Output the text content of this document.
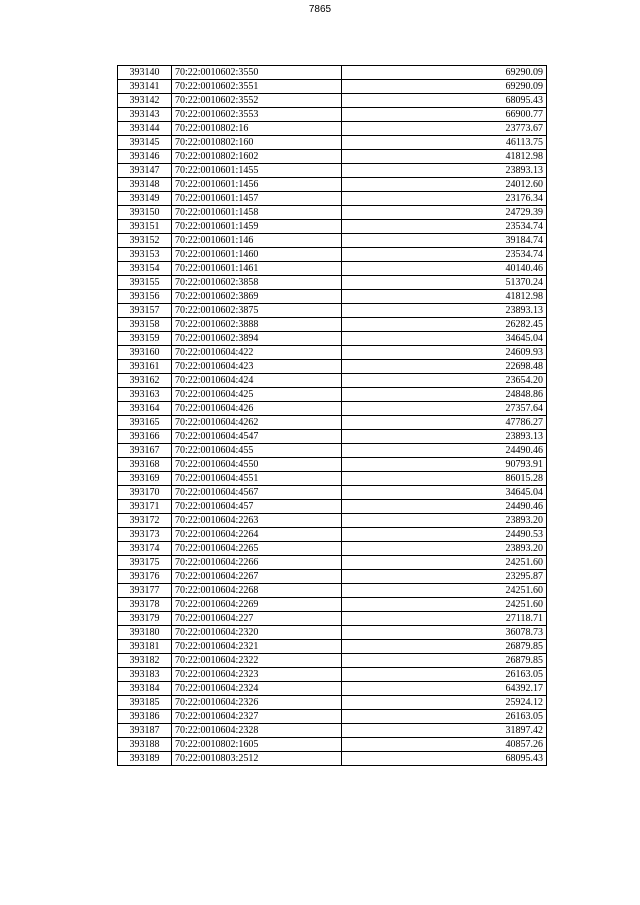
7865
393140	70:22:0010602:3550	69290.09
393141	70:22:0010602:3551	69290.09
393142	70:22:0010602:3552	68095.43
393143	70:22:0010602:3553	66900.77
393144	70:22:0010802:16	23773.67
393145	70:22:0010802:160	46113.75
393146	70:22:0010802:1602	41812.98
393147	70:22:0010601:1455	23893.13
393148	70:22:0010601:1456	24012.60
393149	70:22:0010601:1457	23176.34
393150	70:22:0010601:1458	24729.39
393151	70:22:0010601:1459	23534.74
393152	70:22:0010601:146	39184.74
393153	70:22:0010601:1460	23534.74
393154	70:22:0010601:1461	40140.46
393155	70:22:0010602:3858	51370.24
393156	70:22:0010602:3869	41812.98
393157	70:22:0010602:3875	23893.13
393158	70:22:0010602:3888	26282.45
393159	70:22:0010602:3894	34645.04
393160	70:22:0010604:422	24609.93
393161	70:22:0010604:423	22698.48
393162	70:22:0010604:424	23654.20
393163	70:22:0010604:425	24848.86
393164	70:22:0010604:426	27357.64
393165	70:22:0010604:4262	47786.27
393166	70:22:0010604:4547	23893.13
393167	70:22:0010604:455	24490.46
393168	70:22:0010604:4550	90793.91
393169	70:22:0010604:4551	86015.28
393170	70:22:0010604:4567	34645.04
393171	70:22:0010604:457	24490.46
393172	70:22:0010604:2263	23893.20
393173	70:22:0010604:2264	24490.53
393174	70:22:0010604:2265	23893.20
393175	70:22:0010604:2266	24251.60
393176	70:22:0010604:2267	23295.87
393177	70:22:0010604:2268	24251.60
393178	70:22:0010604:2269	24251.60
393179	70:22:0010604:227	27118.71
393180	70:22:0010604:2320	36078.73
393181	70:22:0010604:2321	26879.85
393182	70:22:0010604:2322	26879.85
393183	70:22:0010604:2323	26163.05
393184	70:22:0010604:2324	64392.17
393185	70:22:0010604:2326	25924.12
393186	70:22:0010604:2327	26163.05
393187	70:22:0010604:2328	31897.42
393188	70:22:0010802:1605	40857.26
393189	70:22:0010803:2512	68095.43
